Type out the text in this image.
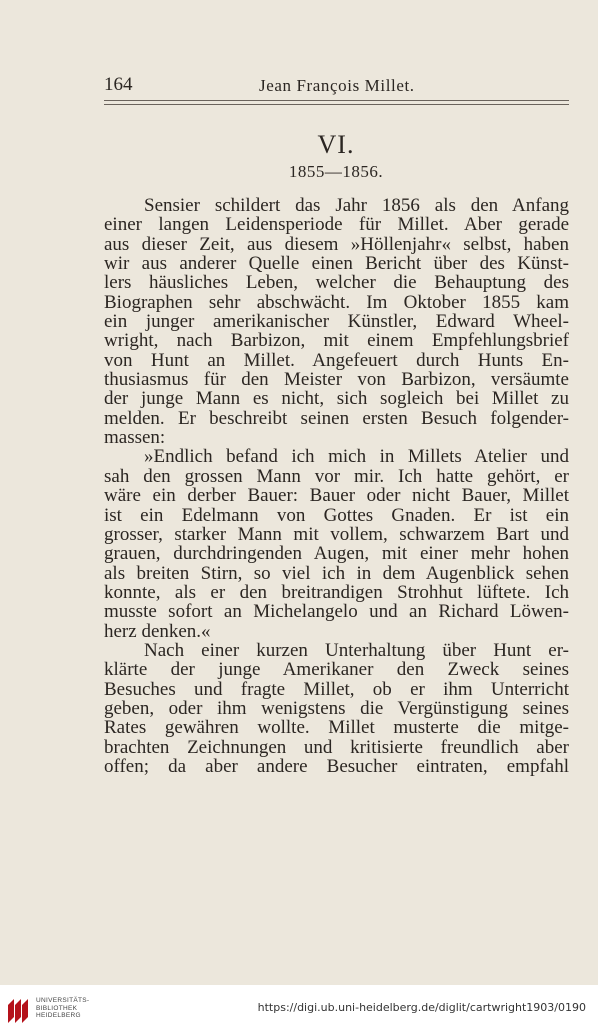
164	Jean François Millet.
VI.
1855—1856.
Sensier schildert das Jahr 1856 als den Anfang
einer langen Leidensperiode für Millet. Aber gerade
aus dieser Zeit, aus diesem »Höllenjahr« selbst, haben
wir aus anderer Quelle einen Bericht über des Künst-
lers häusliches Leben, welcher die Behauptung des
Biographen sehr abschwächt. Im Oktober 1855 kam
ein junger amerikanischer Künstler, Edward Wheel-
wright, nach Barbizon, mit einem Empfehlungsbrief
von Hunt an Millet. Angefeuert durch Hunts En-
thusiasmus für den Meister von Barbizon, versäumte
der junge Mann es nicht, sich sogleich bei Millet zu
melden. Er beschreibt seinen ersten Besuch folgender-
massen:
»Endlich befand ich mich in Millets Atelier und
sah den grossen Mann vor mir. Ich hatte gehört, er
wäre ein derber Bauer: Bauer oder nicht Bauer, Millet
ist ein Edelmann von Gottes Gnaden. Er ist ein
grosser, starker Mann mit vollem, schwarzem Bart und
grauen, durchdringenden Augen, mit einer mehr hohen
als breiten Stirn, so viel ich in dem Augenblick sehen
konnte, als er den breitrandigen Strohhut lüftete. Ich
musste sofort an Michelangelo und an Richard Löwen-
herz denken.«
Nach einer kurzen Unterhaltung über Hunt er-
klärte der junge Amerikaner den Zweck seines
Besuches und fragte Millet, ob er ihm Unterricht
geben, oder ihm wenigstens die Vergünstigung seines
Rates gewähren wollte. Millet musterte die mitge-
brachten Zeichnungen und kritisierte freundlich aber
offen; da aber andere Besucher eintraten, empfahl
UNIVERSITÄTS-
BIBLIOTHEK
HEIDELBERG
https://digi.ub.uni-heidelberg.de/diglit/cartwright1903/0190
